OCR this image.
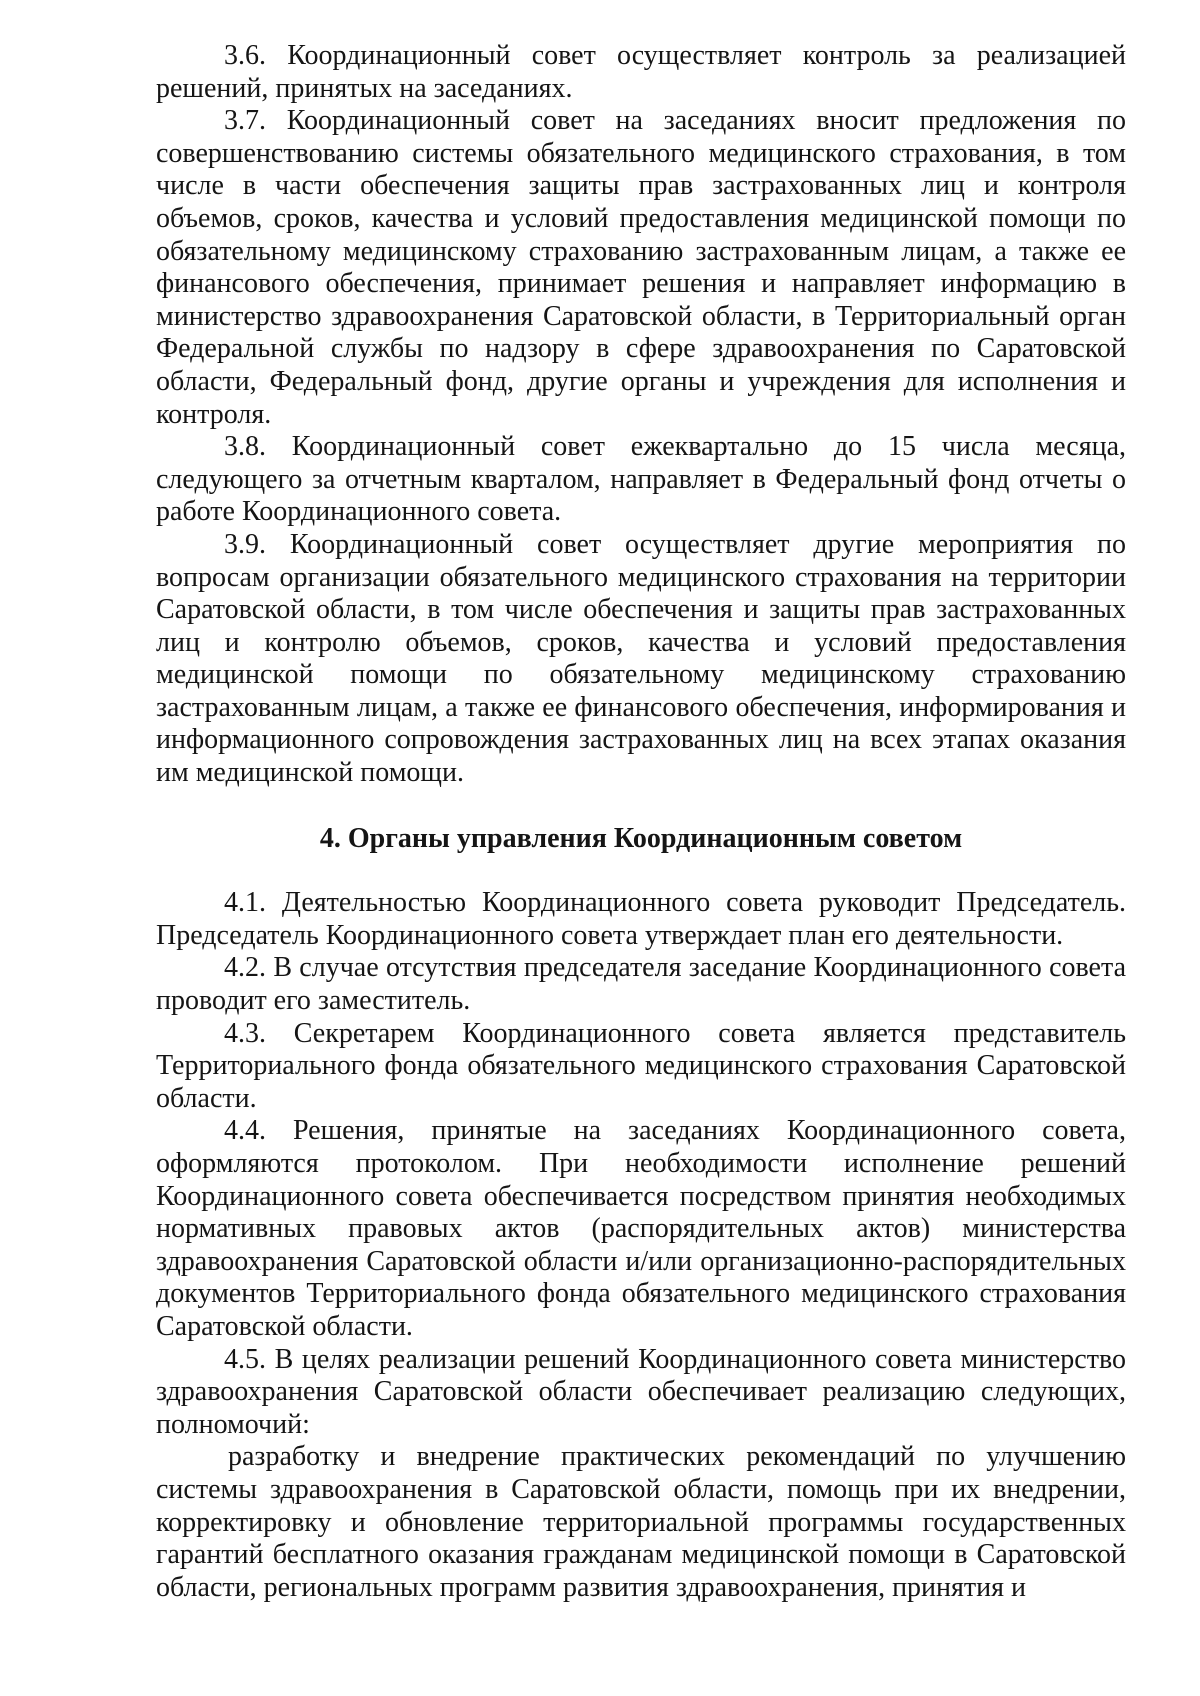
3.6. Координационный совет осуществляет контроль за реализацией решений, принятых на заседаниях.

3.7. Координационный совет на заседаниях вносит предложения по совершенствованию системы обязательного медицинского страхования, в том числе в части обеспечения защиты прав застрахованных лиц и контроля объемов, сроков, качества и условий предоставления медицинской помощи по обязательному медицинскому страхованию застрахованным лицам, а также ее финансового обеспечения, принимает решения и направляет информацию в министерство здравоохранения Саратовской области, в Территориальный орган Федеральной службы по надзору в сфере здравоохранения по Саратовской области, Федеральный фонд, другие органы и учреждения для исполнения и контроля.

3.8. Координационный совет ежеквартально до 15 числа месяца, следующего за отчетным кварталом, направляет в Федеральный фонд отчеты о работе Координационного совета.

3.9. Координационный совет осуществляет другие мероприятия по вопросам организации обязательного медицинского страхования на территории Саратовской области, в том числе обеспечения и защиты прав застрахованных лиц и контролю объемов, сроков, качества и условий предоставления медицинской помощи по обязательному медицинскому страхованию застрахованным лицам, а также ее финансового обеспечения, информирования и информационного сопровождения застрахованных лиц на всех этапах оказания им медицинской помощи.

4. Органы управления Координационным советом

4.1. Деятельностью Координационного совета руководит Председатель. Председатель Координационного совета утверждает план его деятельности.

4.2. В случае отсутствия председателя заседание Координационного совета проводит его заместитель.

4.3. Секретарем Координационного совета является представитель Территориального фонда обязательного медицинского страхования Саратовской области.

4.4. Решения, принятые на заседаниях Координационного совета, оформляются протоколом. При необходимости исполнение решений Координационного совета обеспечивается посредством принятия необходимых нормативных правовых актов (распорядительных актов) министерства здравоохранения Саратовской области и/или организационно-распорядительных документов Территориального фонда обязательного медицинского страхования Саратовской области.

4.5. В целях реализации решений Координационного совета министерство здравоохранения Саратовской области обеспечивает реализацию следующих, полномочий:

разработку и внедрение практических рекомендаций по улучшению системы здравоохранения в Саратовской области, помощь при их внедрении, корректировку и обновление территориальной программы государственных гарантий бесплатного оказания гражданам медицинской помощи в Саратовской области, региональных программ развития здравоохранения, принятия и
